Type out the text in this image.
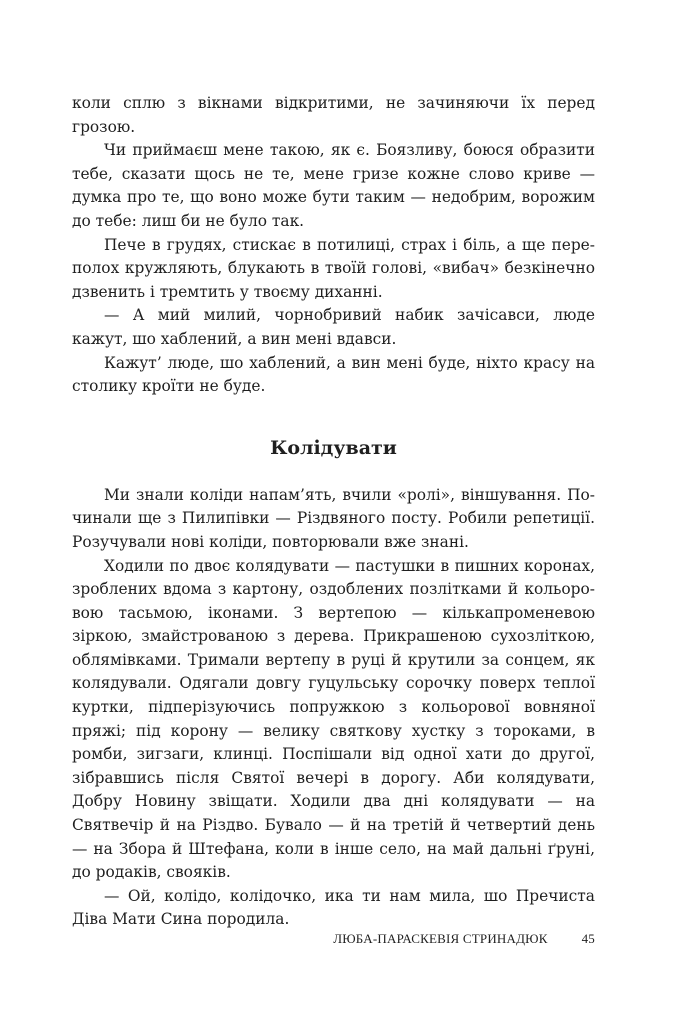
коли сплю з вікнами відкритими, не зачиняючи їх перед грозою.

Чи приймаєш мене такою, як є. Боязливу, боюся образити тебе, сказати щось не те, мене гризе кожне слово криве — думка про те, що воно може бути таким — недобрим, ворожим до тебе: лиш би не було так.

Пече в грудях, стискає в потилиці, страх і біль, а ще переполох кружляють, блукають в твоїй голові, «вибач» безкінечно дзвенить і тремтить у твоєму диханні.

— А мий милий, чорнобривий набик зачісавси, люде кажут, шо хаблений, а вин мені вдавси.

Кажут’ люде, шо хаблений, а вин мені буде, ніхто красу на столику кроїти не буде.

Колідувати

Ми знали коліди напам’ять, вчили «ролі», віншування. Починали ще з Пилипівки — Різдвяного посту. Робили репетиції. Розучували нові коліди, повторювали вже знані.

Ходили по двоє колядувати — пастушки в пишних коронах, зроблених вдома з картону, оздоблених позлітками й кольоровою тасьмою, іконами. З вертепою — кількапроменевою зіркою, змайстрованою з дерева. Прикрашеною сухозліткою, облямівками. Тримали вертепу в руці й крутили за сонцем, як колядували. Одягали довгу гуцульську сорочку поверх теплої куртки, підперізуючись попружкою з кольорової вовняної пряжі; під корону — велику святкову хустку з тороками, в ромби, зигзаги, клинці. Поспішали від одної хати до другої, зібравшись після Святої вечері в дорогу. Аби колядувати, Добру Новину звіщати. Ходили два дні колядувати — на Святвечір й на Різдво. Бувало — й на третій й четвертий день — на Збора й Штефана, коли в інше село, на май дальні ґруні, до родаків, свояків.

— Ой, колідо, колідочко, ика ти нам мила, шо Пречиста Діва Мати Сина породила.

ЛЮБА-ПАРАСКЕВІЯ СТРИНАДЮК	45
